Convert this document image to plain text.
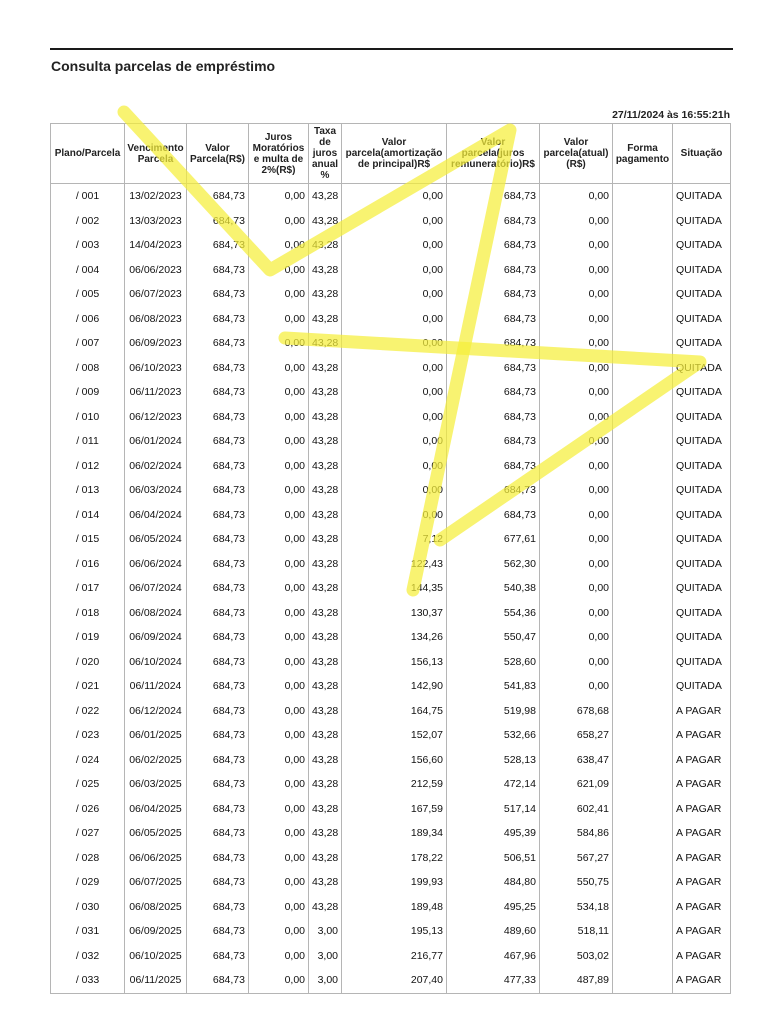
Consulta parcelas de empréstimo
27/11/2024 às 16:55:21h
Plano/Parcela	Vencimento Parcela	Valor Parcela(R$)	Juros Moratórios e multa de 2%(R$)	Taxa de juros anual %	Valor parcela(amortização de principal)R$	Valor parcela(juros remuneratório)R$	Valor parcela(atual) (R$)	Forma pagamento	Situação
/ 001	13/02/2023	684,73	0,00	43,28	0,00	684,73	0,00		QUITADA
/ 002	13/03/2023	684,73	0,00	43,28	0,00	684,73	0,00		QUITADA
/ 003	14/04/2023	684,73	0,00	43,28	0,00	684,73	0,00		QUITADA
/ 004	06/06/2023	684,73	0,00	43,28	0,00	684,73	0,00		QUITADA
/ 005	06/07/2023	684,73	0,00	43,28	0,00	684,73	0,00		QUITADA
/ 006	06/08/2023	684,73	0,00	43,28	0,00	684,73	0,00		QUITADA
/ 007	06/09/2023	684,73	0,00	43,28	0,00	684,73	0,00		QUITADA
/ 008	06/10/2023	684,73	0,00	43,28	0,00	684,73	0,00		QUITADA
/ 009	06/11/2023	684,73	0,00	43,28	0,00	684,73	0,00		QUITADA
/ 010	06/12/2023	684,73	0,00	43,28	0,00	684,73	0,00		QUITADA
/ 011	06/01/2024	684,73	0,00	43,28	0,00	684,73	0,00		QUITADA
/ 012	06/02/2024	684,73	0,00	43,28	0,00	684,73	0,00		QUITADA
/ 013	06/03/2024	684,73	0,00	43,28	0,00	684,73	0,00		QUITADA
/ 014	06/04/2024	684,73	0,00	43,28	0,00	684,73	0,00		QUITADA
/ 015	06/05/2024	684,73	0,00	43,28	7,12	677,61	0,00		QUITADA
/ 016	06/06/2024	684,73	0,00	43,28	122,43	562,30	0,00		QUITADA
/ 017	06/07/2024	684,73	0,00	43,28	144,35	540,38	0,00		QUITADA
/ 018	06/08/2024	684,73	0,00	43,28	130,37	554,36	0,00		QUITADA
/ 019	06/09/2024	684,73	0,00	43,28	134,26	550,47	0,00		QUITADA
/ 020	06/10/2024	684,73	0,00	43,28	156,13	528,60	0,00		QUITADA
/ 021	06/11/2024	684,73	0,00	43,28	142,90	541,83	0,00		QUITADA
/ 022	06/12/2024	684,73	0,00	43,28	164,75	519,98	678,68		A PAGAR
/ 023	06/01/2025	684,73	0,00	43,28	152,07	532,66	658,27		A PAGAR
/ 024	06/02/2025	684,73	0,00	43,28	156,60	528,13	638,47		A PAGAR
/ 025	06/03/2025	684,73	0,00	43,28	212,59	472,14	621,09		A PAGAR
/ 026	06/04/2025	684,73	0,00	43,28	167,59	517,14	602,41		A PAGAR
/ 027	06/05/2025	684,73	0,00	43,28	189,34	495,39	584,86		A PAGAR
/ 028	06/06/2025	684,73	0,00	43,28	178,22	506,51	567,27		A PAGAR
/ 029	06/07/2025	684,73	0,00	43,28	199,93	484,80	550,75		A PAGAR
/ 030	06/08/2025	684,73	0,00	43,28	189,48	495,25	534,18		A PAGAR
/ 031	06/09/2025	684,73	0,00	3,00	195,13	489,60	518,11		A PAGAR
/ 032	06/10/2025	684,73	0,00	3,00	216,77	467,96	503,02		A PAGAR
/ 033	06/11/2025	684,73	0,00	3,00	207,40	477,33	487,89		A PAGAR
